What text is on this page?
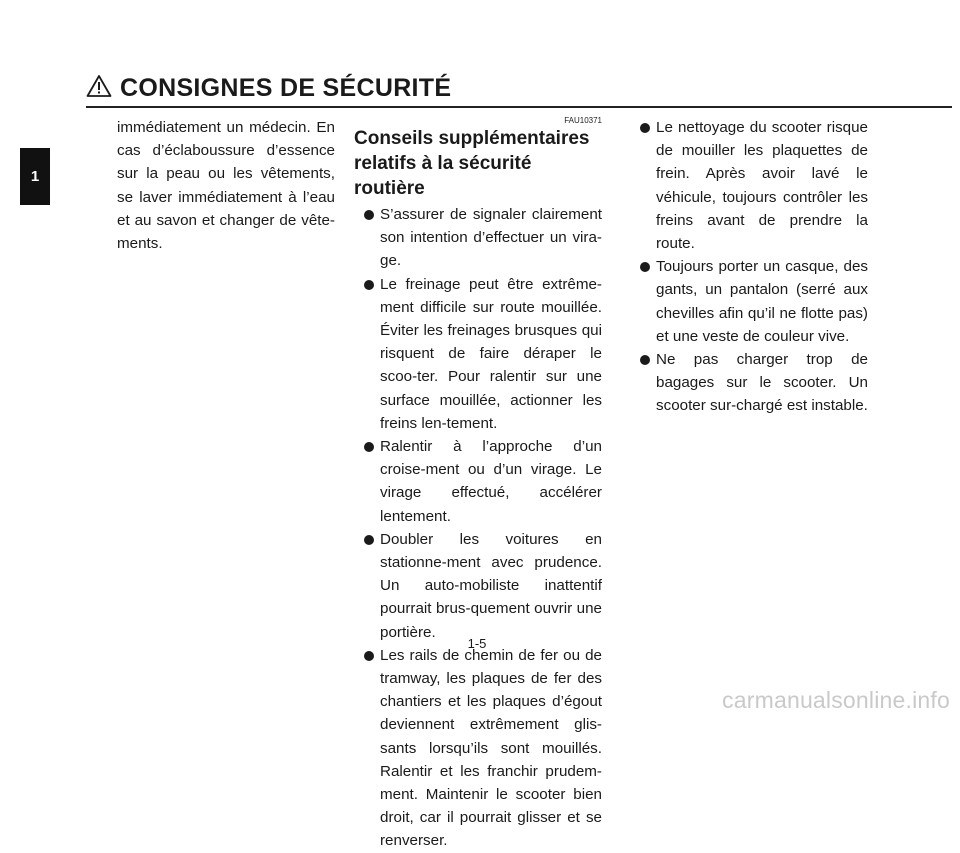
CONSIGNES DE SÉCURITÉ
1
immédiatement un médecin. En cas d’éclaboussure d’essence sur la peau ou les vêtements, se laver immédiatement à l’eau et au savon et changer de vête-ments.
FAU10371
Conseils supplémentaires relatifs à la sécurité routière
S’assurer de signaler clairement son intention d’effectuer un vira-ge.
Le freinage peut être extrême-ment difficile sur route mouillée. Éviter les freinages brusques qui risquent de faire déraper le scoo-ter. Pour ralentir sur une surface mouillée, actionner les freins len-tement.
Ralentir à l’approche d’un croise-ment ou d’un virage. Le virage effectué, accélérer lentement.
Doubler les voitures en stationne-ment avec prudence. Un auto-mobiliste inattentif pourrait brus-quement ouvrir une portière.
Les rails de chemin de fer ou de tramway, les plaques de fer des chantiers et les plaques d’égout deviennent extrêmement glis-sants lorsqu’ils sont mouillés. Ralentir et les franchir prudem-ment. Maintenir le scooter bien droit, car il pourrait glisser et se renverser.
Le nettoyage du scooter risque de mouiller les plaquettes de frein. Après avoir lavé le véhicule, toujours contrôler les freins avant de prendre la route.
Toujours porter un casque, des gants, un pantalon (serré aux chevilles afin qu’il ne flotte pas) et une veste de couleur vive.
Ne pas charger trop de bagages sur le scooter. Un scooter sur-chargé est instable.
1-5
carmanualsonline.info
